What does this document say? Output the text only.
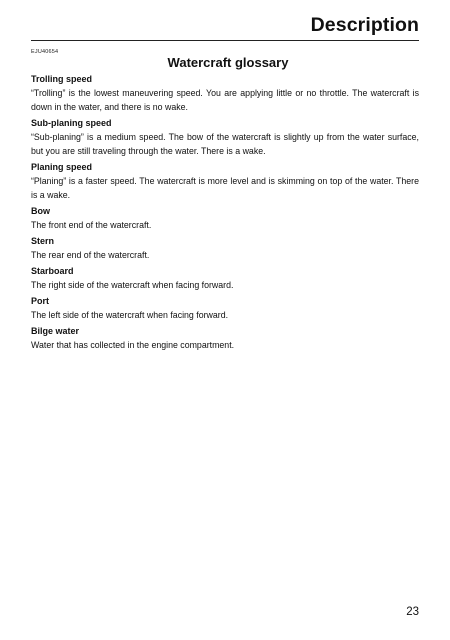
Description
EJU40654
Watercraft glossary

Trolling speed

“Trolling” is the lowest maneuvering speed. You are applying little or no throttle. The watercraft is down in the water, and there is no wake.

Sub-planing speed

“Sub-planing” is a medium speed. The bow of the watercraft is slightly up from the water surface, but you are still traveling through the water. There is a wake.

Planing speed

“Planing” is a faster speed. The watercraft is more level and is skimming on top of the water. There is a wake.

Bow

The front end of the watercraft.

Stern

The rear end of the watercraft.

Starboard

The right side of the watercraft when facing forward.

Port

The left side of the watercraft when facing forward.

Bilge water

Water that has collected in the engine compartment.

23
